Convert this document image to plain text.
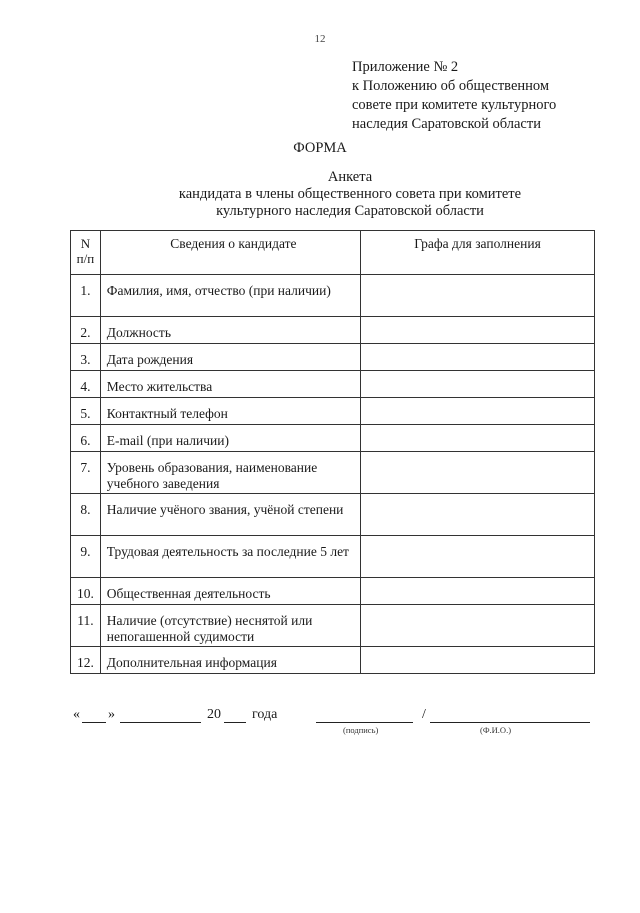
12
Приложение № 2
к Положению об общественном
совете при комитете культурного
наследия Саратовской области
ФОРМА
Анкета
кандидата в члены общественного совета при комитете
культурного наследия Саратовской области
N
п/п	Сведения о кандидате	Графа для заполнения

1.	Фамилия, имя, отчество (при наличии)	

2.	Должность	

3.	Дата рождения	

4.	Место жительства	

5.	Контактный телефон	

6.	E-mail (при наличии)	

7.	Уровень образования, наименование учебного заведения	

8.	Наличие учёного звания, учёной степени	

9.	Трудовая деятельность за последние 5 лет	

10.	Общественная деятельность	

11.	Наличие (отсутствие) неснятой или непогашенной судимости	

12.	Дополнительная информация	

« »	20 года	/
(подпись)	(Ф.И.О.)
